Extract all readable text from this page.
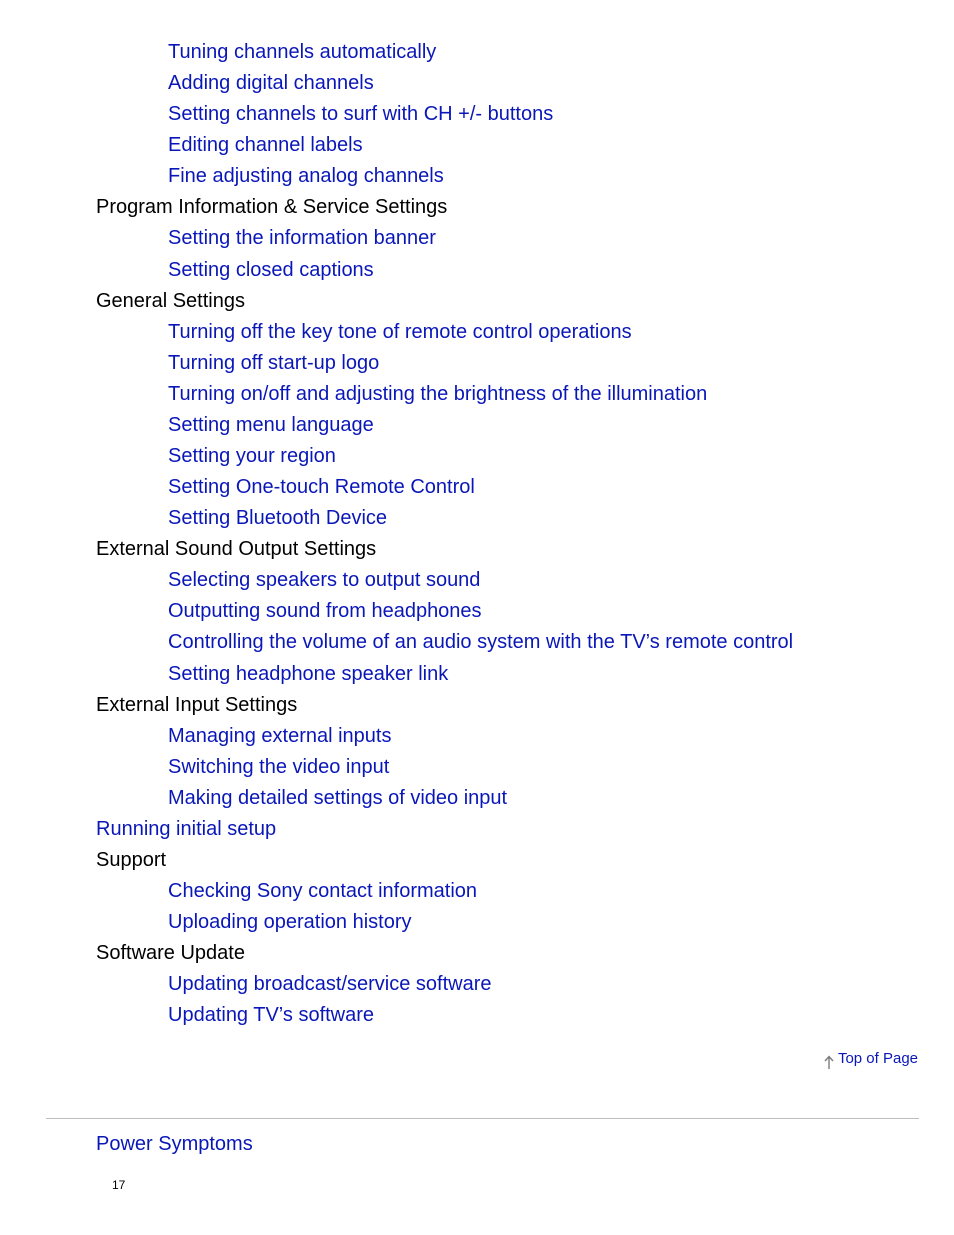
Tuning channels automatically
Adding digital channels
Setting channels to surf with CH +/- buttons
Editing channel labels
Fine adjusting analog channels
Program Information & Service Settings
Setting the information banner
Setting closed captions
General Settings
Turning off the key tone of remote control operations
Turning off start-up logo
Turning on/off and adjusting the brightness of the illumination
Setting menu language
Setting your region
Setting One-touch Remote Control
Setting Bluetooth Device
External Sound Output Settings
Selecting speakers to output sound
Outputting sound from headphones
Controlling the volume of an audio system with the TV’s remote control
Setting headphone speaker link
External Input Settings
Managing external inputs
Switching the video input
Making detailed settings of video input
Running initial setup
Support
Checking Sony contact information
Uploading operation history
Software Update
Updating broadcast/service software
Updating TV’s software
Top of Page
Power Symptoms
17
